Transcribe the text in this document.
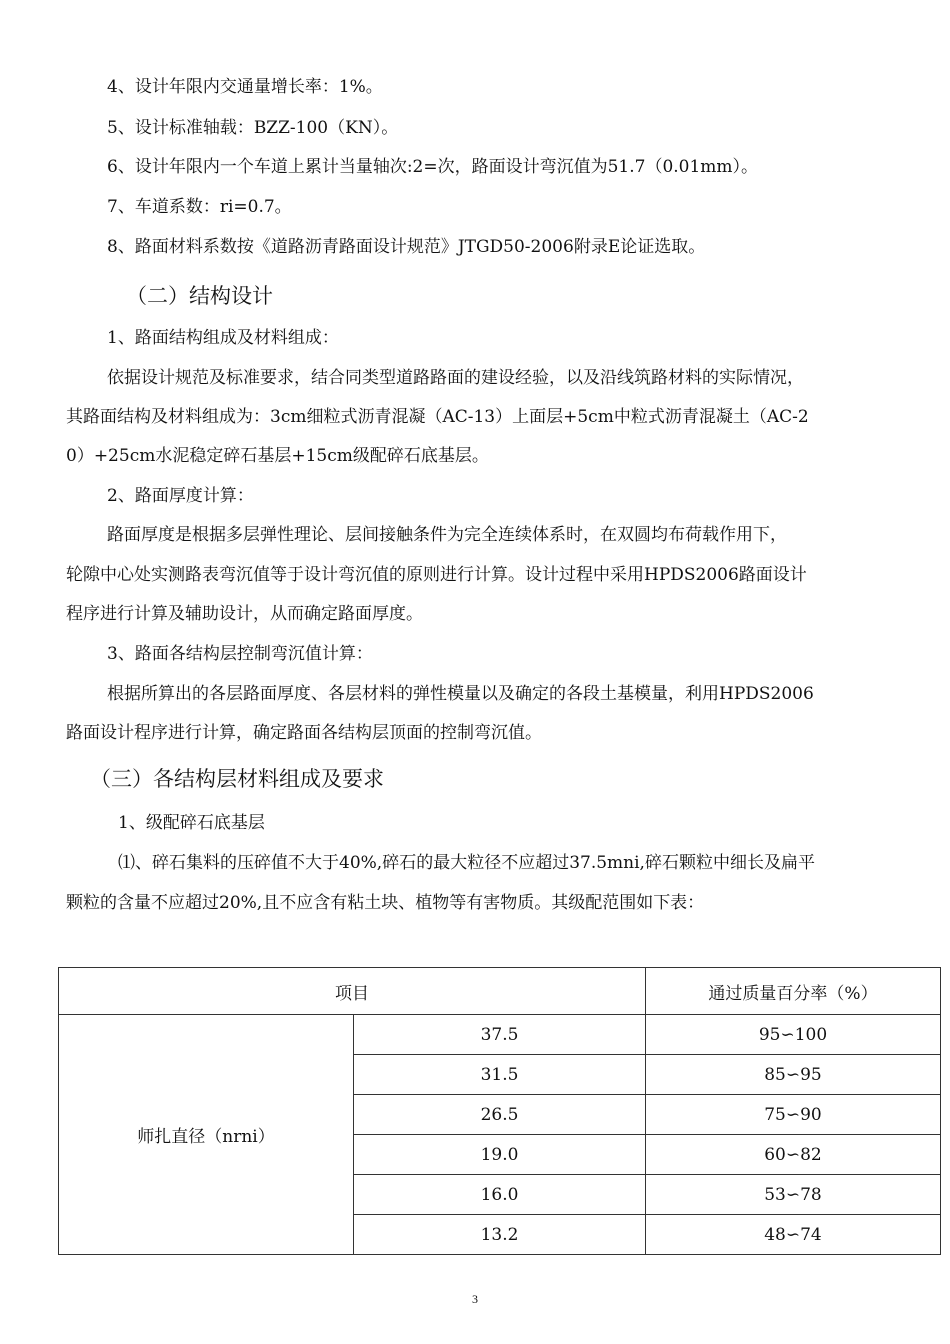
4、设计年限内交通量增长率：1%。
5、设计标准轴载：BZZ-100（KN）。
6、设计年限内一个车道上累计当量轴次:2=次，路面设计弯沉值为51.7（0.01mm）。
7、车道系数：ri=0.7。
8、路面材料系数按《道路沥青路面设计规范》JTGD50-2006附录E论证选取。
（二）结构设计
1、路面结构组成及材料组成：
依据设计规范及标准要求，结合同类型道路路面的建设经验，以及沿线筑路材料的实际情况，
其路面结构及材料组成为：3cm细粒式沥青混凝（AC-13）上面层+5cm中粒式沥青混凝土（AC-2
0）+25cm水泥稳定碎石基层+15cm级配碎石底基层。
2、路面厚度计算：
路面厚度是根据多层弹性理论、层间接触条件为完全连续体系时，在双圆均布荷载作用下，
轮隙中心处实测路表弯沉值等于设计弯沉值的原则进行计算。设计过程中采用HPDS2006路面设计
程序进行计算及辅助设计，从而确定路面厚度。
3、路面各结构层控制弯沉值计算：
根据所算出的各层路面厚度、各层材料的弹性模量以及确定的各段土基模量，利用HPDS2006
路面设计程序进行计算，确定路面各结构层顶面的控制弯沉值。
（三）各结构层材料组成及要求
1、级配碎石底基层
⑴、碎石集料的压碎值不大于40%,碎石的最大粒径不应超过37.5mni,碎石颗粒中细长及扁平
颗粒的含量不应超过20%,且不应含有粘土块、植物等有害物质。其级配范围如下表：
项目		通过质量百分率（%）
师扎直径（nrni）	37.5	95∽100
	31.5	85∽95
	26.5	75∽90
	19.0	60∽82
	16.0	53∽78
	13.2	48∽74
3
